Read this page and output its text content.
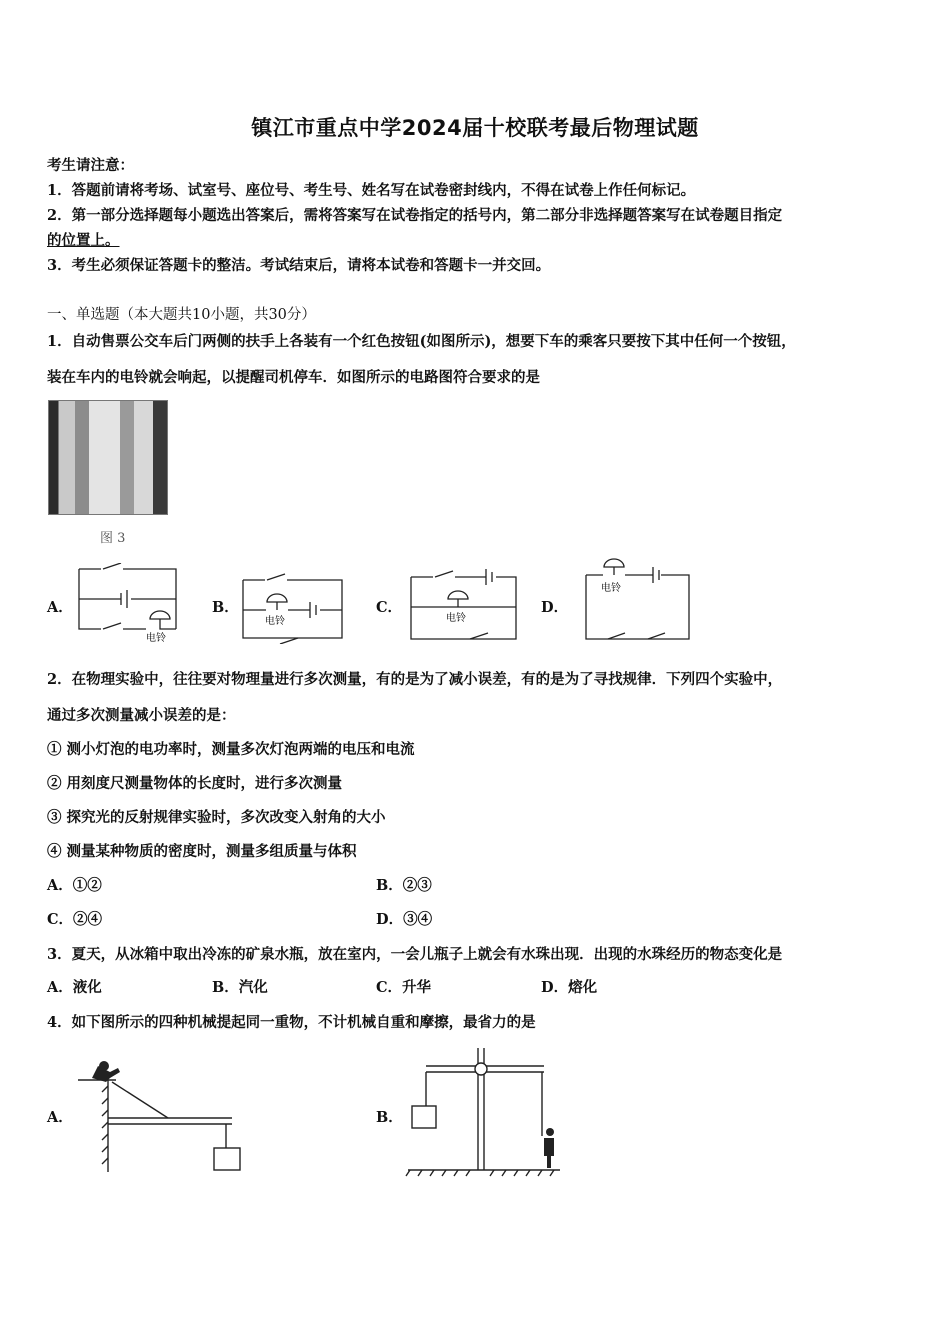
镇江市重点中学2024届十校联考最后物理试题
考生请注意：
1．答题前请将考场、试室号、座位号、考生号、姓名写在试卷密封线内，不得在试卷上作任何标记。
2．第一部分选择题每小题选出答案后，需将答案写在试卷指定的括号内，第二部分非选择题答案写在试卷题目指定
的位置上。
3．考生必须保证答题卡的整洁。考试结束后，请将本试卷和答题卡一并交回。
一、单选题（本大题共10小题，共30分）
1．自动售票公交车后门两侧的扶手上各装有一个红色按钮(如图所示)，想要下车的乘客只要按下其中任何一个按钮，
装在车内的电铃就会响起，以提醒司机停车．如图所示的电路图符合要求的是
图 3
A．	B．	C．	D．
电铃
电铃	电铃
电铃
2．在物理实验中，往往要对物理量进行多次测量，有的是为了减小误差，有的是为了寻找规律．下列四个实验中，
通过多次测量减小误差的是：
① 测小灯泡的电功率时，测量多次灯泡两端的电压和电流
② 用刻度尺测量物体的长度时，进行多次测量
③ 探究光的反射规律实验时，多次改变入射角的大小
④ 测量某种物质的密度时，测量多组质量与体积
A．①②	B．②③
C．②④	D．③④
3．夏天，从冰箱中取出冷冻的矿泉水瓶，放在室内，一会儿瓶子上就会有水珠出现．出现的水珠经历的物态变化是
A．液化	B．汽化	C．升华	D．熔化
4．如下图所示的四种机械提起同一重物，不计机械自重和摩擦，最省力的是
A．	B．
